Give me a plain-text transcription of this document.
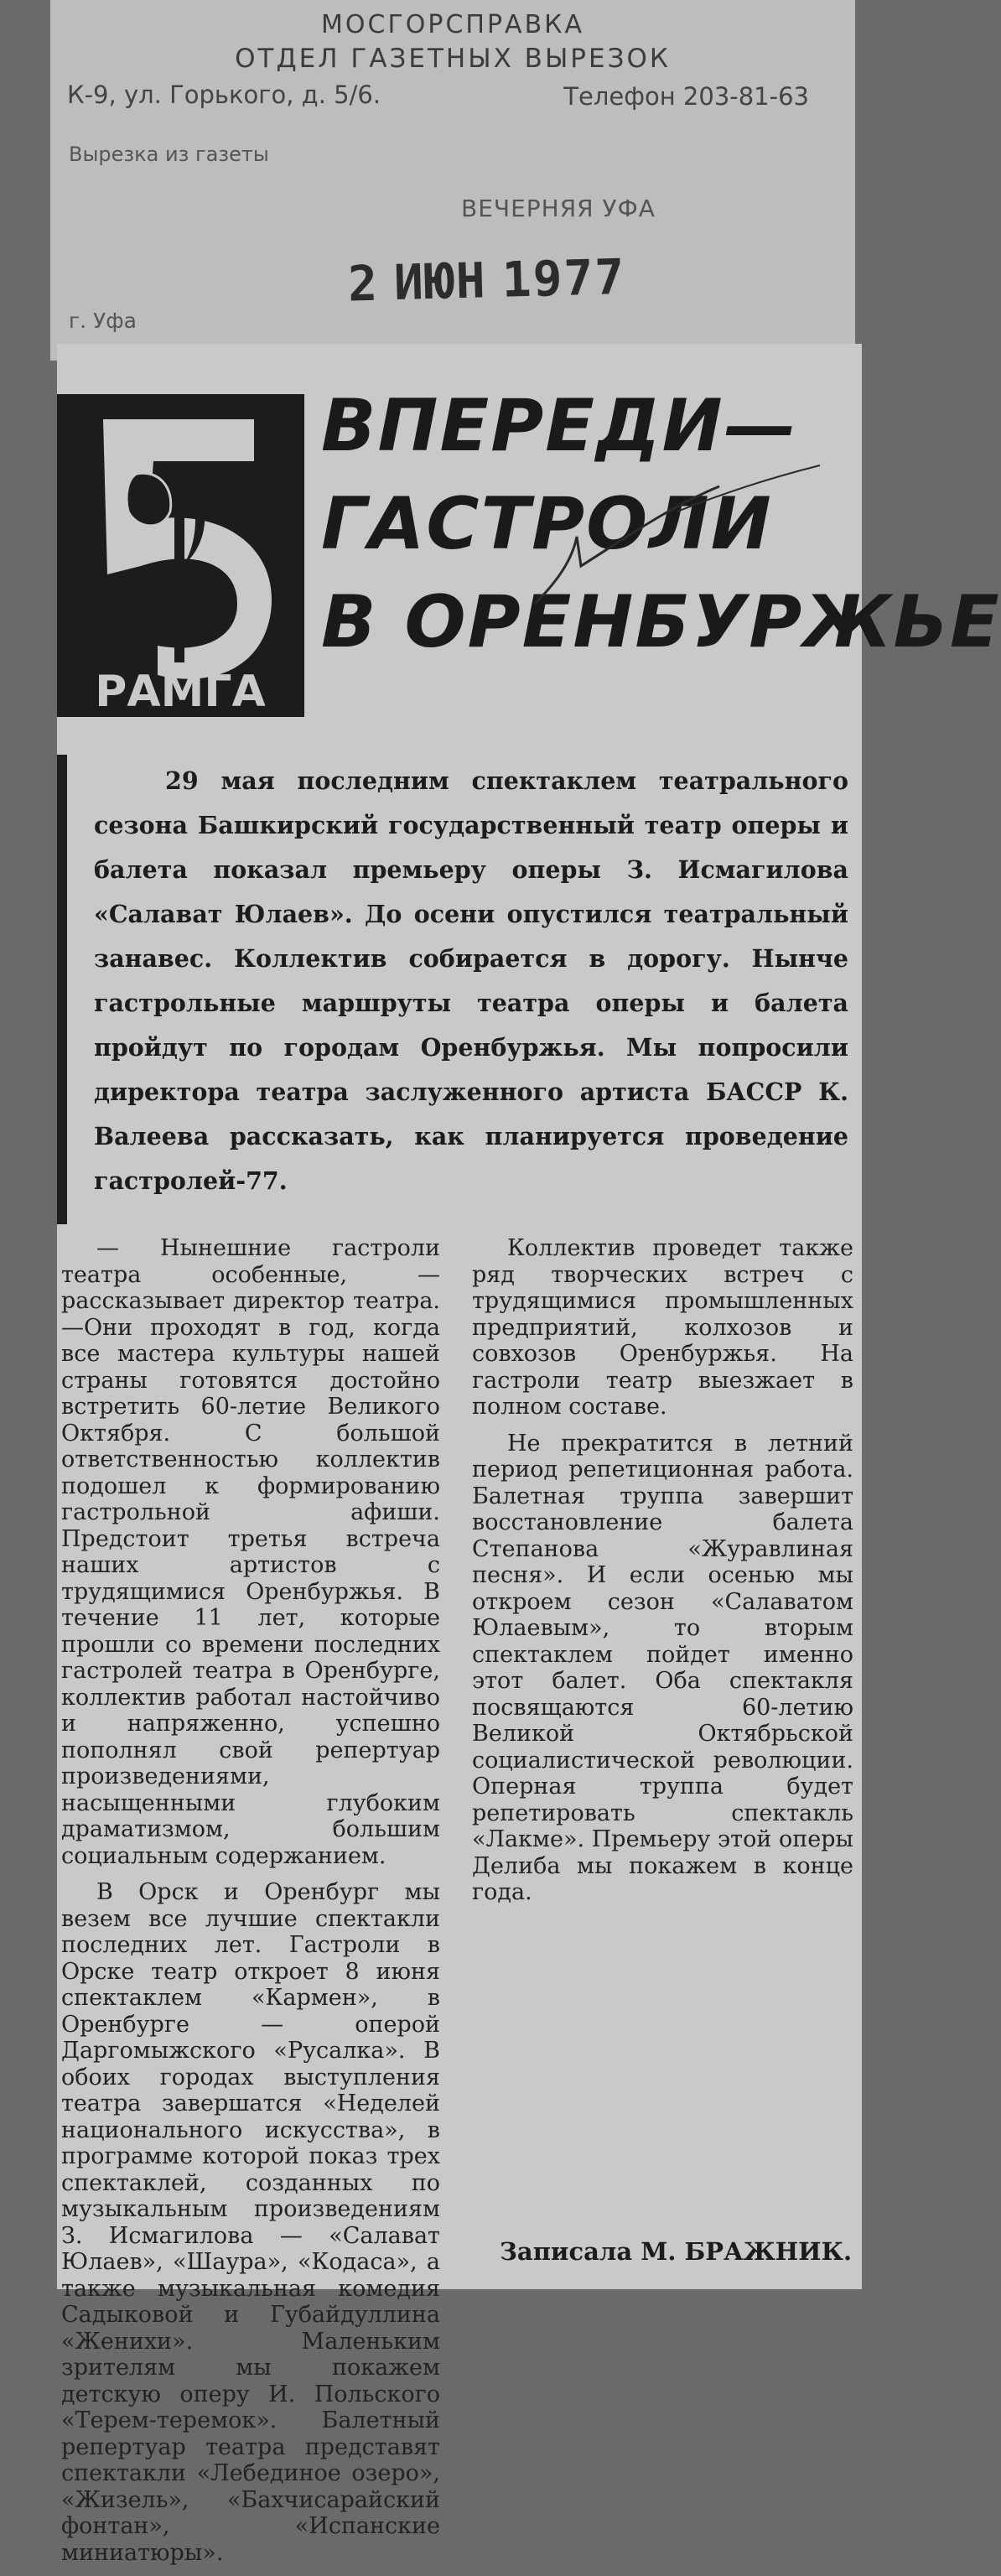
МОСГОРСПРАВКА
ОТДЕЛ ГАЗЕТНЫХ ВЫРЕЗОК
К-9, ул. Горького, д. 5/6.	Телефон 203-81-63
Вырезка из газеты
ВЕЧЕРНЯЯ УФА
г. Уфа
2 ИЮН 1977
РАМГА
ВПЕРЕДИ—
ГАСТРОЛИ
В ОРЕНБУРЖЬЕ

29 мая последним спектаклем театрального сезона Башкирский государственный театр оперы и балета показал премьеру оперы З. Исмагилова «Салават Юлаев». До осени опустился театральный занавес. Коллектив собирается в дорогу. Нынче гастрольные маршруты театра оперы и балета пройдут по городам Оренбуржья. Мы попросили директора театра заслуженного артиста БАССР К. Валеева рассказать, как планируется проведение гастролей-77.

— Нынешние гастроли театра особенные, — рассказывает директор театра. —Они проходят в год, когда все мастера культуры нашей страны готовятся достойно встретить 60-летие Великого Октября. С большой ответственностью коллектив подошел к формированию гастрольной афиши. Предстоит третья встреча наших артистов с трудящимися Оренбуржья. В течение 11 лет, которые прошли со времени последних гастролей театра в Оренбурге, коллектив работал настойчиво и напряженно, успешно пополнял свой репертуар произведениями, насыщенными глубоким драматизмом, большим социальным содержанием.

В Орск и Оренбург мы везем все лучшие спектакли последних лет. Гастроли в Орске театр откроет 8 июня спектаклем «Кармен», в Оренбурге — оперой Даргомыжского «Русалка». В обоих городах выступления театра завершатся «Неделей национального искусства», в программе которой показ трех спектаклей, созданных по музыкальным произведениям З. Исмагилова — «Салават Юлаев», «Шаура», «Кодаса», а также музыкальная комедия Садыковой и Губайдуллина «Женихи». Маленьким зрителям мы покажем детскую оперу И. Польского «Терем-теремок». Балетный репертуар театра представят спектакли «Лебединое озеро», «Жизель», «Бахчисарайский фонтан», «Испанские миниатюры».

Коллектив проведет также ряд творческих встреч с трудящимися промышленных предприятий, колхозов и совхозов Оренбуржья. На гастроли театр выезжает в полном составе.

Не прекратится в летний период репетиционная работа. Балетная труппа завершит восстановление балета Степанова «Журавлиная песня». И если осенью мы откроем сезон «Салаватом Юлаевым», то вторым спектаклем пойдет именно этот балет. Оба спектакля посвящаются 60-летию Великой Октябрьской социалистической революции. Оперная труппа будет репетировать спектакль «Лакме». Премьеру этой оперы Делиба мы покажем в конце года.

Записала М. БРАЖНИК.
